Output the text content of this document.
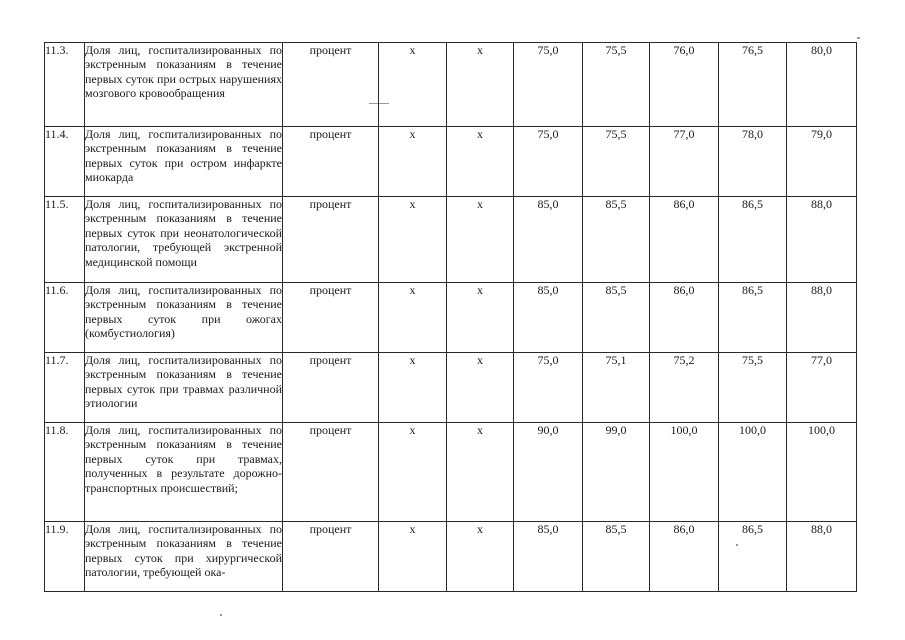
11.3.	Доля лиц, госпитализированных по экстренным показаниям в течение первых суток при острых нарушениях мозгового кровообращения	процент	х	х	75,0	75,5	76,0	76,5	80,0
11.4.	Доля лиц, госпитализированных по экстренным показаниям в течение первых суток при остром инфаркте миокарда	процент	х	х	75,0	75,5	77,0	78,0	79,0
11.5.	Доля лиц, госпитализированных по экстренным показаниям в течение первых суток при неонатологической патологии, требующей экстренной медицинской помощи	процент	х	х	85,0	85,5	86,0	86,5	88,0
11.6.	Доля лиц, госпитализированных по экстренным показаниям в течение первых суток при ожогах (комбустиология)	процент	х	х	85,0	85,5	86,0	86,5	88,0
11.7.	Доля лиц, госпитализированных по экстренным показаниям в течение первых суток при травмах различной этиологии	процент	х	х	75,0	75,1	75,2	75,5	77,0
11.8.	Доля лиц, госпитализированных по экстренным показаниям в течение первых суток при травмах, полученных в результате дорожно-транспортных происшествий;	процент	х	х	90,0	99,0	100,0	100,0	100,0
11.9.	Доля лиц, госпитализированных по экстренным показаниям в течение первых суток при хирургической патологии, требующей ока-	процент	х	х	85,0	85,5	86,0	86,5	88,0
